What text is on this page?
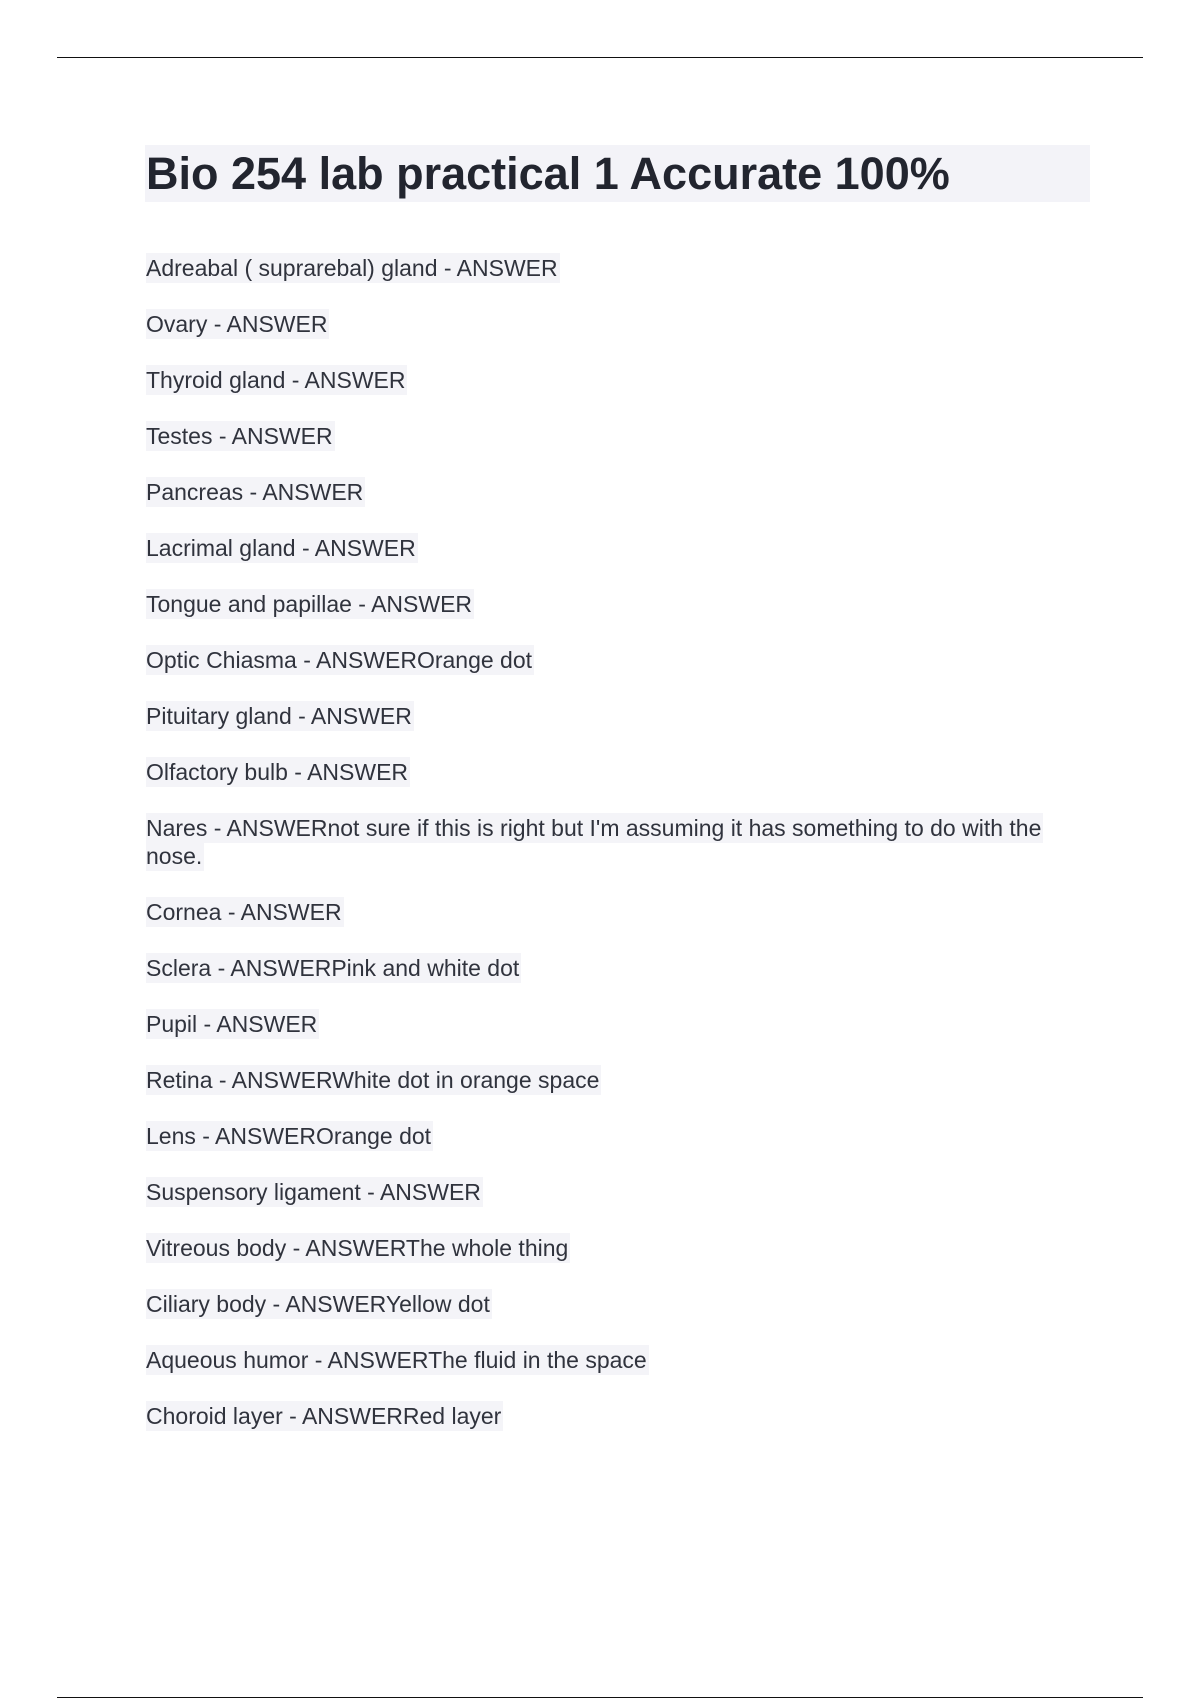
Bio 254 lab practical 1 Accurate 100%
Adreabal ( suprarebal) gland - ANSWER
Ovary - ANSWER
Thyroid gland - ANSWER
Testes - ANSWER
Pancreas - ANSWER
Lacrimal gland - ANSWER
Tongue and papillae - ANSWER
Optic Chiasma - ANSWEROrange dot
Pituitary gland - ANSWER
Olfactory bulb - ANSWER
Nares - ANSWERnot sure if this is right but I'm assuming it has something to do with the nose.
Cornea - ANSWER
Sclera - ANSWERPink and white dot
Pupil - ANSWER
Retina - ANSWERWhite dot in orange space
Lens - ANSWEROrange dot
Suspensory ligament - ANSWER
Vitreous body - ANSWERThe whole thing
Ciliary body - ANSWERYellow dot
Aqueous humor - ANSWERThe fluid in the space
Choroid layer - ANSWERRed layer
